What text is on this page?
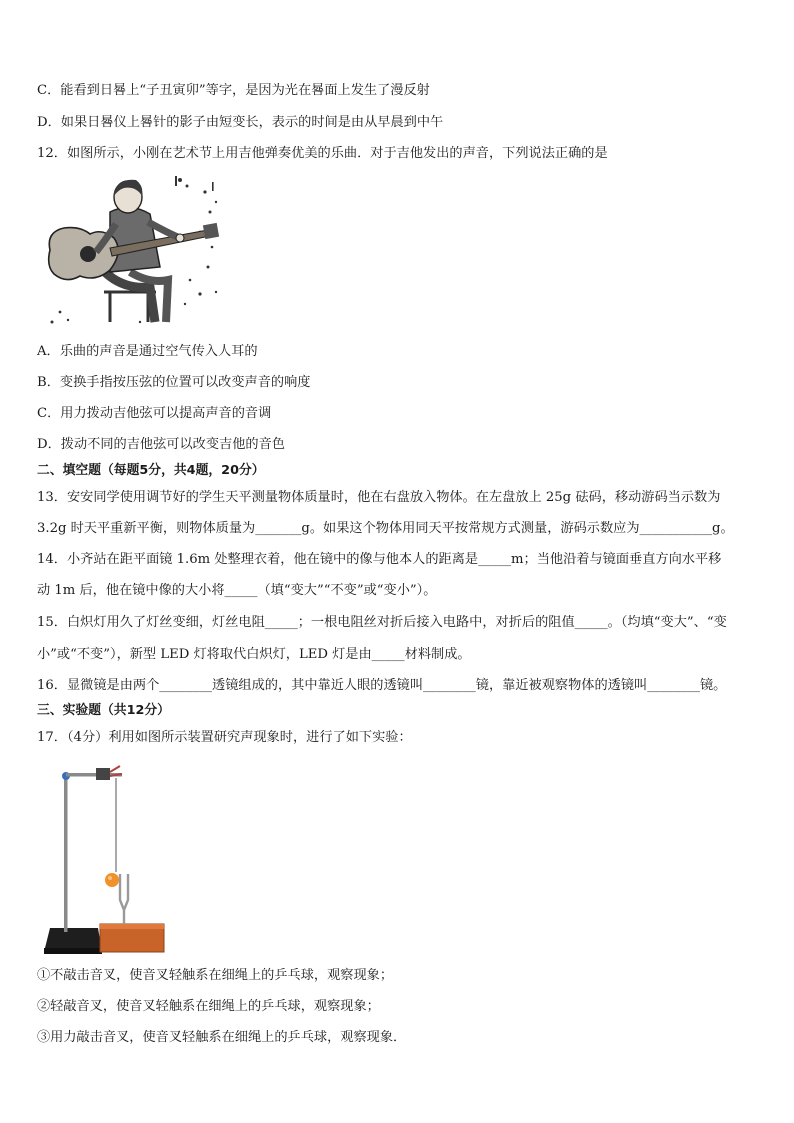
C．能看到日晷上“子丑寅卯”等字，是因为光在晷面上发生了漫反射
D．如果日晷仪上晷针的影子由短变长，表示的时间是由从早晨到中午
12．如图所示，小刚在艺术节上用吉他弹奏优美的乐曲．对于吉他发出的声音，下列说法正确的是
A．乐曲的声音是通过空气传入人耳的
B．变换手指按压弦的位置可以改变声音的响度
C．用力拨动吉他弦可以提高声音的音调
D．拨动不同的吉他弦可以改变吉他的音色
二、填空题（每题5分，共4题，20分）
13．安安同学使用调节好的学生天平测量物体质量时，他在右盘放入物体。在左盘放上 25g 砝码，移动游码当示数为
3.2g 时天平重新平衡，则物体质量为_______g。如果这个物体用同天平按常规方式测量，游码示数应为___________g。
14．小齐站在距平面镜 1.6m 处整理衣着，他在镜中的像与他本人的距离是_____m；当他沿着与镜面垂直方向水平移
动 1m 后，他在镜中像的大小将_____（填“变大”“不变”或“变小”）。
15．白炽灯用久了灯丝变细，灯丝电阻_____；一根电阻丝对折后接入电路中，对折后的阻值_____。（均填“变大”、“变
小”或“不变”），新型 LED 灯将取代白炽灯，LED 灯是由_____材料制成。
16．显微镜是由两个________透镜组成的，其中靠近人眼的透镜叫________镜，靠近被观察物体的透镜叫________镜。
三、实验题（共12分）
17．（4分）利用如图所示装置研究声现象时，进行了如下实验：
①不敲击音叉，使音叉轻触系在细绳上的乒乓球，观察现象；
②轻敲音叉，使音叉轻触系在细绳上的乒乓球，观察现象；
③用力敲击音叉，使音叉轻触系在细绳上的乒乓球，观察现象．
